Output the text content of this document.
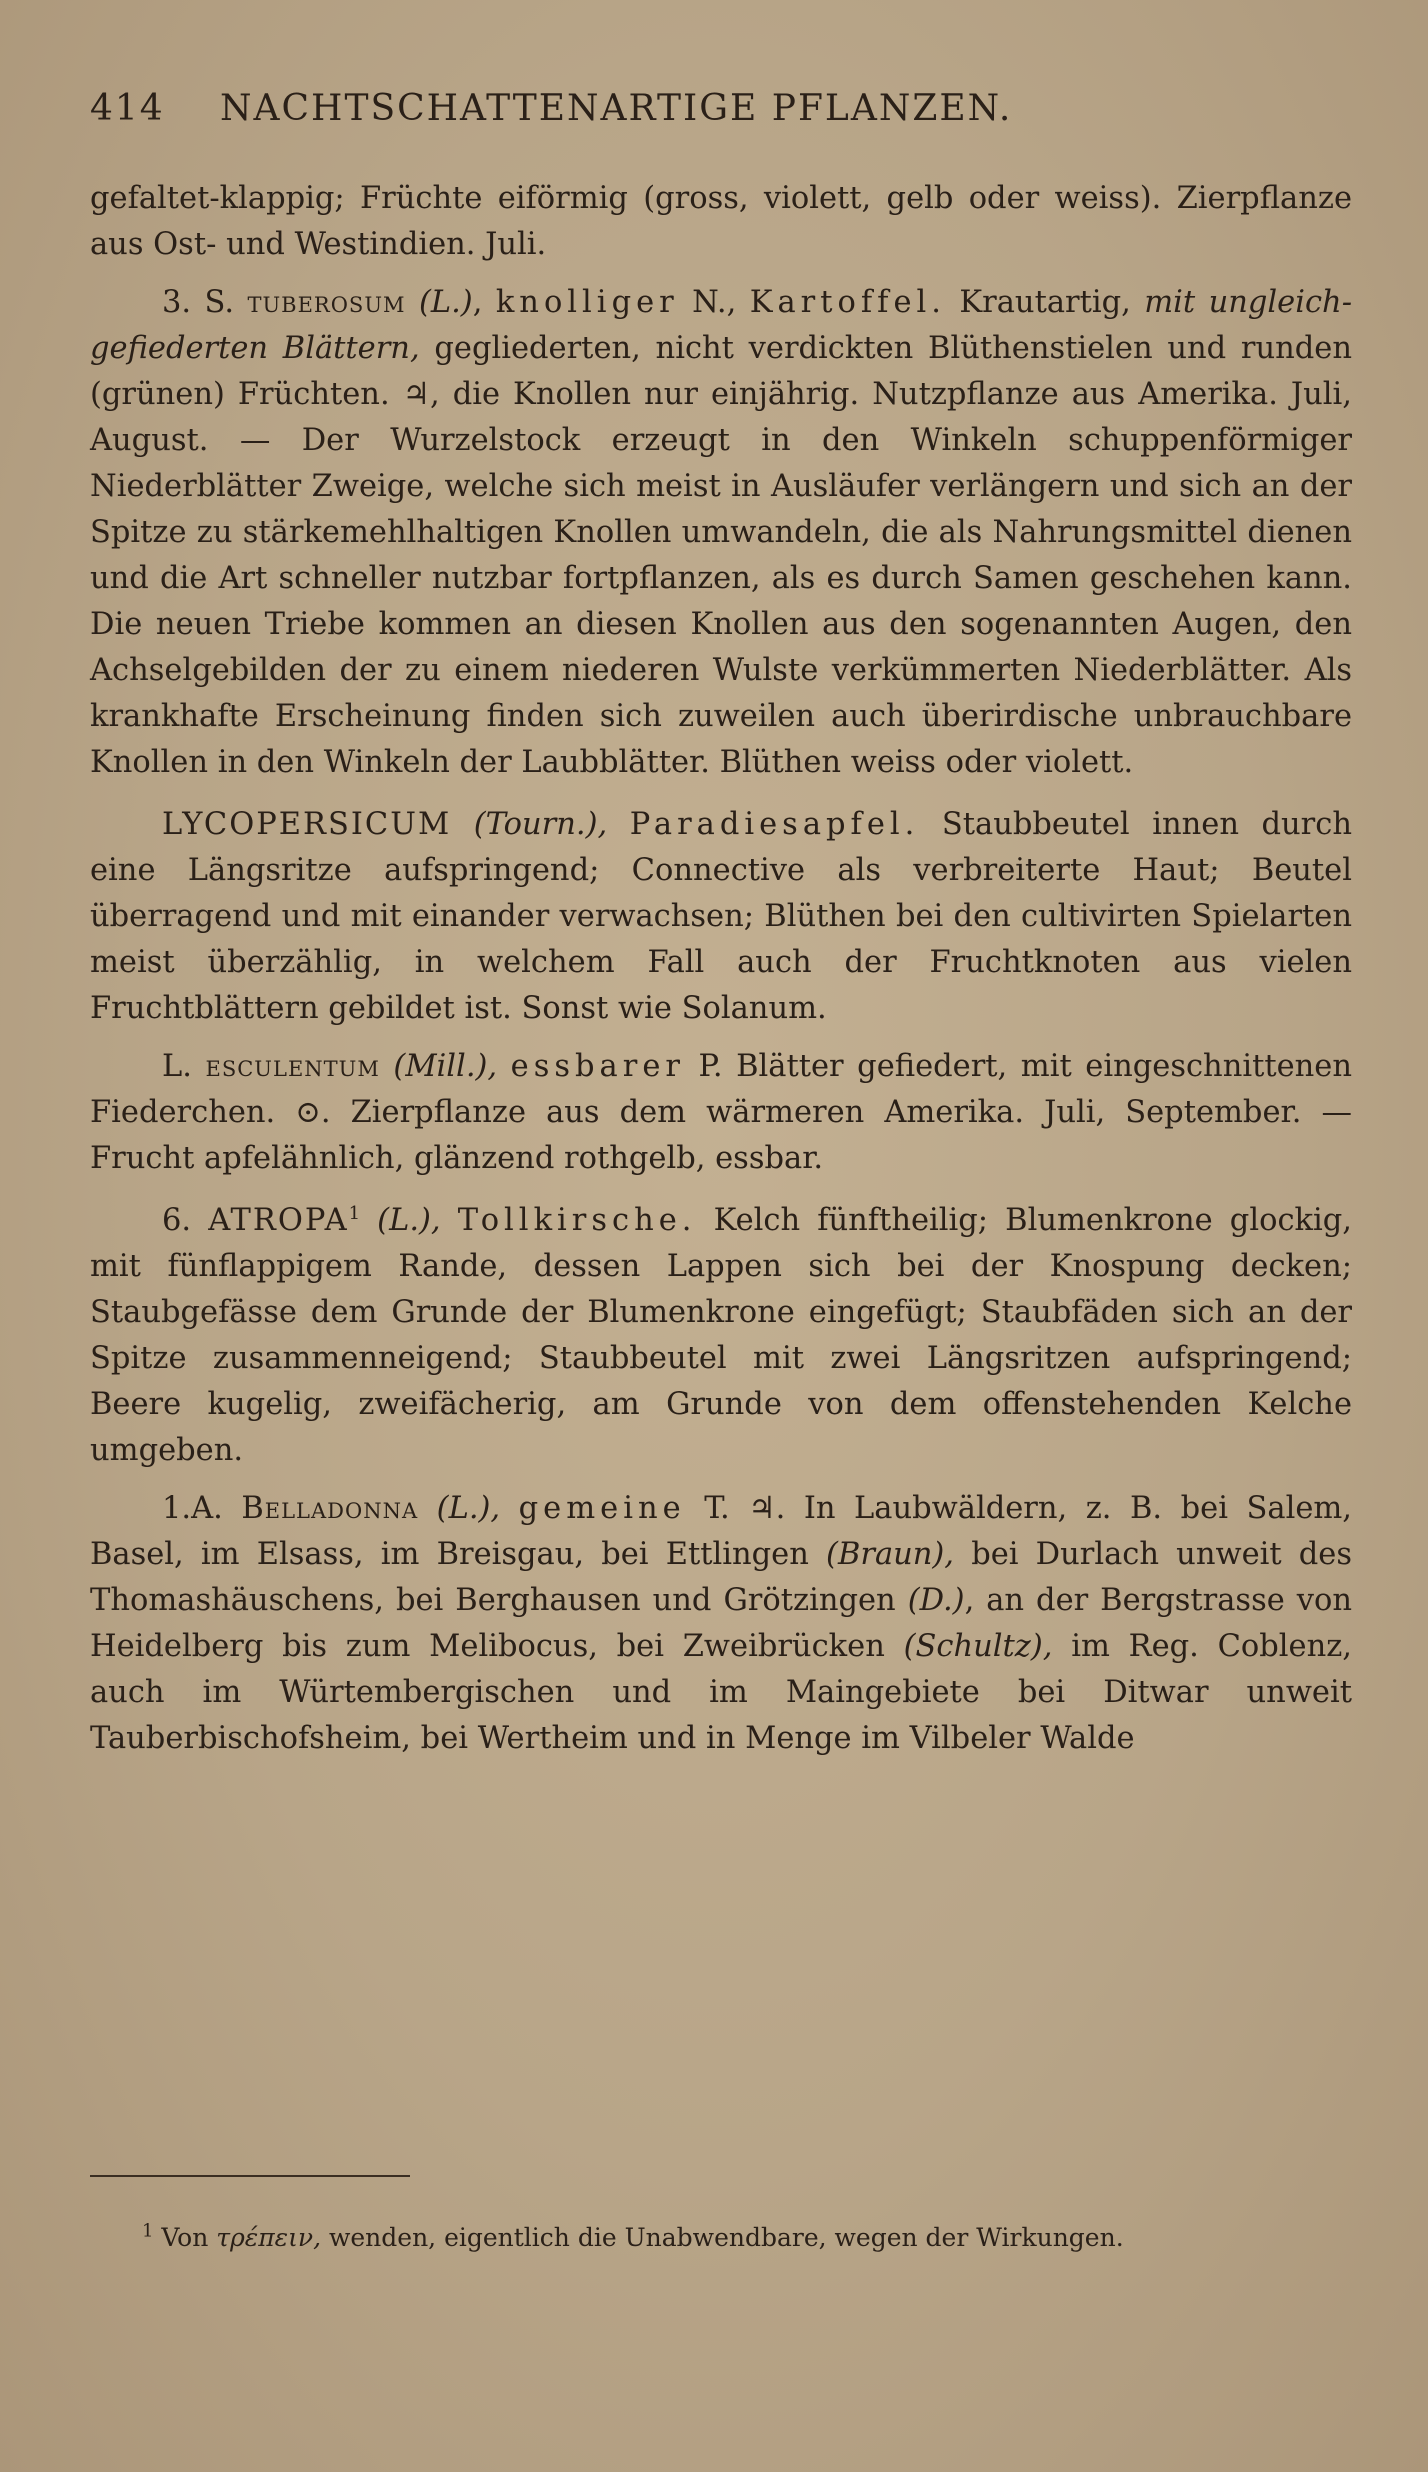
414 NACHTSCHATTENARTIGE PFLANZEN.

gefaltet-klappig; Früchte eiförmig (gross, violett, gelb oder weiss). Zierpflanze aus Ost- und Westindien. Juli.

3. S. tuberosum (L.), knolliger N., Kartoffel. Krautartig, mit ungleich-gefiederten Blättern, gegliederten, nicht verdickten Blüthenstielen und runden (grünen) Früchten. ♃, die Knollen nur einjährig. Nutzpflanze aus Amerika. Juli, August. — Der Wurzelstock erzeugt in den Winkeln schuppenförmiger Niederblätter Zweige, welche sich meist in Ausläufer verlängern und sich an der Spitze zu stärkemehlhaltigen Knollen umwandeln, die als Nahrungsmittel dienen und die Art schneller nutzbar fortpflanzen, als es durch Samen geschehen kann. Die neuen Triebe kommen an diesen Knollen aus den sogenannten Augen, den Achselgebilden der zu einem niederen Wulste verkümmerten Niederblätter. Als krankhafte Erscheinung finden sich zuweilen auch überirdische unbrauchbare Knollen in den Winkeln der Laubblätter. Blüthen weiss oder violett.

LYCOPERSICUM (Tourn.), Paradiesapfel. Staubbeutel innen durch eine Längsritze aufspringend; Connective als verbreiterte Haut; Beutel überragend und mit einander verwachsen; Blüthen bei den cultivirten Spielarten meist überzählig, in welchem Fall auch der Fruchtknoten aus vielen Fruchtblättern gebildet ist. Sonst wie Solanum.

L. esculentum (Mill.), essbarer P. Blätter gefiedert, mit eingeschnittenen Fiederchen. ⊙. Zierpflanze aus dem wärmeren Amerika. Juli, September. — Frucht apfelähnlich, glänzend rothgelb, essbar.

6. ATROPA$^1$ (L.), Tollkirsche. Kelch fünftheilig; Blumenkrone glockig, mit fünflappigem Rande, dessen Lappen sich bei der Knospung decken; Staubgefässe dem Grunde der Blumenkrone eingefügt; Staubfäden sich an der Spitze zusammenneigend; Staubbeutel mit zwei Längsritzen aufspringend; Beere kugelig, zweifächerig, am Grunde von dem offenstehenden Kelche umgeben.

1.A. Belladonna (L.), gemeine T. ♃. In Laubwäldern, z. B. bei Salem, Basel, im Elsass, im Breisgau, bei Ettlingen (Braun), bei Durlach unweit des Thomashäuschens, bei Berghausen und Grötzingen (D.), an der Bergstrasse von Heidelberg bis zum Melibocus, bei Zweibrücken (Schultz), im Reg. Coblenz, auch im Würtembergischen und im Maingebiete bei Ditwar unweit Tauberbischofsheim, bei Wertheim und in Menge im Vilbeler Walde

$^1$ Von τρέπειν, wenden, eigentlich die Unabwendbare, wegen der Wirkungen.
